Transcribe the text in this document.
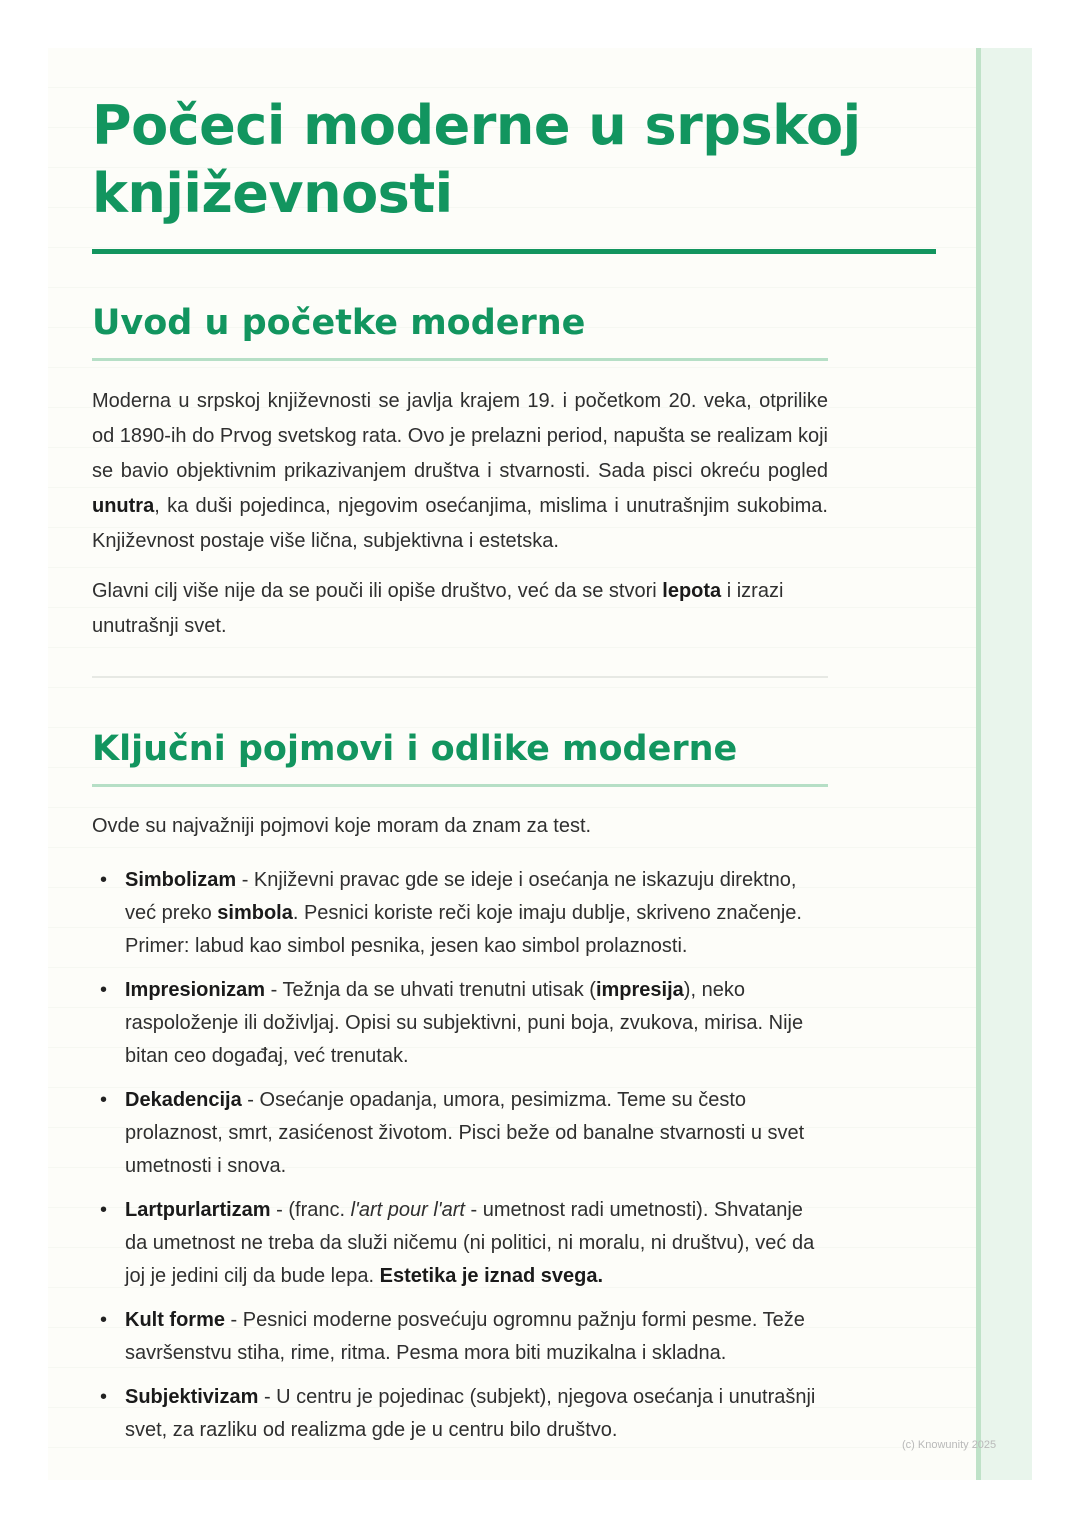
Počeci moderne u srpskoj književnosti
Uvod u početke moderne

Moderna u srpskoj književnosti se javlja krajem 19. i početkom 20. veka, otprilike od 1890-ih do Prvog svetskog rata. Ovo je prelazni period, napušta se realizam koji se bavio objektivnim prikazivanjem društva i stvarnosti. Sada pisci okreću pogled unutra, ka duši pojedinca, njegovim osećanjima, mislima i unutrašnjim sukobima. Književnost postaje više lična, subjektivna i estetska.

Glavni cilj više nije da se pouči ili opiše društvo, već da se stvori lepota i izrazi unutrašnji svet.

Ključni pojmovi i odlike moderne

Ovde su najvažniji pojmovi koje moram da znam za test.

• Simbolizam - Književni pravac gde se ideje i osećanja ne iskazuju direktno, već preko simbola. Pesnici koriste reči koje imaju dublje, skriveno značenje. Primer: labud kao simbol pesnika, jesen kao simbol prolaznosti.
• Impresionizam - Težnja da se uhvati trenutni utisak (impresija), neko raspoloženje ili doživljaj. Opisi su subjektivni, puni boja, zvukova, mirisa. Nije bitan ceo događaj, već trenutak.
• Dekadencija - Osećanje opadanja, umora, pesimizma. Teme su često prolaznost, smrt, zasićenost životom. Pisci beže od banalne stvarnosti u svet umetnosti i snova.
• Lartpurlartizam - (franc. l'art pour l'art - umetnost radi umetnosti). Shvatanje da umetnost ne treba da služi ničemu (ni politici, ni moralu, ni društvu), već da joj je jedini cilj da bude lepa. Estetika je iznad svega.
• Kult forme - Pesnici moderne posvećuju ogromnu pažnju formi pesme. Teže savršenstvu stiha, rime, ritma. Pesma mora biti muzikalna i skladna.
• Subjektivizam - U centru je pojedinac (subjekt), njegova osećanja i unutrašnji svet, za razliku od realizma gde je u centru bilo društvo.
(c) Knowunity 2025
